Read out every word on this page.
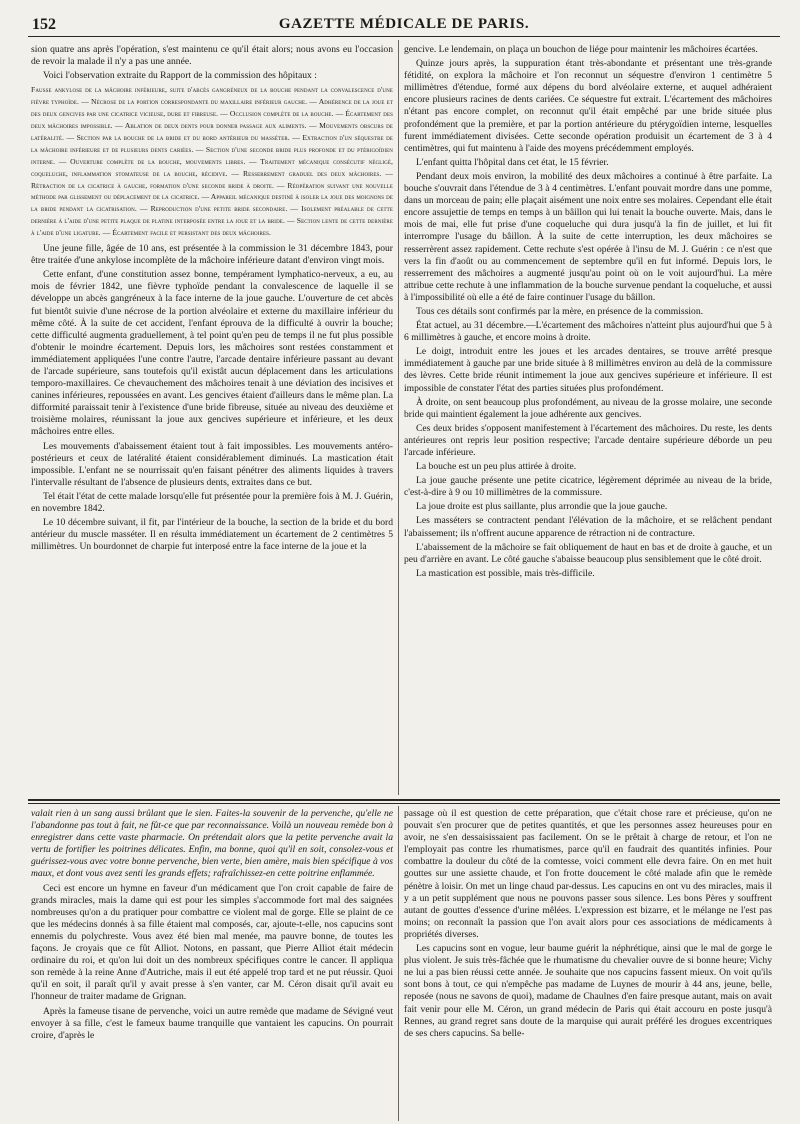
152	GAZETTE MÉDICALE DE PARIS.

sion quatre ans après l'opération, s'est maintenu ce qu'il était alors; nous avons eu l'occasion de revoir la malade il n'y a pas une année.

Voici l'observation extraite du Rapport de la commission des hôpitaux :

Fausse ankylose de la mâchoire inférieure, suite d'abcès gangréneux de la bouche pendant la convalescence d'une fièvre typhoïde. — Nécrose de la portion correspondante du maxillaire inférieur gauche. — Adhérence de la joue et des deux gencives par une cicatrice vicieuse, dure et fibreuse. — Occlusion complète de la bouche. — Écartement des deux mâchoires impossible. — Ablation de deux dents pour donner passage aux aliments. — Mouvements obscurs de latéralité. — Section par la bouche de la bride et du bord antérieur du masséter. — Extraction d'un séquestre de la mâchoire inférieure et de plusieurs dents cariées. — Section d'une seconde bride plus profonde et du ptérigoïdien interne. — Ouverture complète de la bouche, mouvements libres. — Traitement mécanique consécutif négligé, coqueluche, inflammation stomateuse de la bouche, récidive. — Resserrement graduel des deux mâchoires. — Rétraction de la cicatrice à gauche, formation d'une seconde bride à droite. — Réopération suivant une nouvelle méthode par glissement ou déplacement de la cicatrice. — Appareil mécanique destiné à isoler la joue des moignons de la bride pendant la cicatrisation. — Reproduction d'une petite bride secondaire. — Isolement préalable de cette dernière à l'aide d'une petite plaque de platine interposée entre la joue et la bride. — Section lente de cette dernière à l'aide d'une ligature. — Écartement facile et persistant des deux mâchoires.

Une jeune fille, âgée de 10 ans, est présentée à la commission le 31 décembre 1843, pour être traitée d'une ankylose incomplète de la mâchoire inférieure datant d'environ vingt mois.

Cette enfant, d'une constitution assez bonne, tempérament lymphatico-nerveux, a eu, au mois de février 1842, une fièvre typhoïde pendant la convalescence de laquelle il se développe un abcès gangréneux à la face interne de la joue gauche. L'ouverture de cet abcès fut bientôt suivie d'une nécrose de la portion alvéolaire et externe du maxillaire inférieur du même côté. À la suite de cet accident, l'enfant éprouva de la difficulté à ouvrir la bouche; cette difficulté augmenta graduellement, à tel point qu'en peu de temps il ne fut plus possible d'obtenir le moindre écartement. Depuis lors, les mâchoires sont restées constamment et immédiatement appliquées l'une contre l'autre, l'arcade dentaire inférieure passant au devant de l'arcade supérieure, sans toutefois qu'il existât aucun déplacement dans les articulations temporo-maxillaires. Ce chevauchement des mâchoires tenait à une déviation des incisives et canines inférieures, repoussées en avant. Les gencives étaient d'ailleurs dans le même plan. La difformité paraissait tenir à l'existence d'une bride fibreuse, située au niveau des deuxième et troisième molaires, réunissant la joue aux gencives supérieure et inférieure, et les deux mâchoires entre elles.

Les mouvements d'abaissement étaient tout à fait impossibles. Les mouvements antéro-postérieurs et ceux de latéralité étaient considérablement diminués. La mastication était impossible. L'enfant ne se nourrissait qu'en faisant pénétrer des aliments liquides à travers l'intervalle résultant de l'absence de plusieurs dents, extraites dans ce but.

Tel était l'état de cette malade lorsqu'elle fut présentée pour la première fois à M. J. Guérin, en novembre 1842.

Le 10 décembre suivant, il fit, par l'intérieur de la bouche, la section de la bride et du bord antérieur du muscle masséter. Il en résulta immédiatement un écartement de 2 centimètres 5 millimètres. Un bourdonnet de charpie fut interposé entre la face interne de la joue et la

gencive. Le lendemain, on plaça un bouchon de liége pour maintenir les mâchoires écartées.

Quinze jours après, la suppuration étant très-abondante et présentant une très-grande fétidité, on explora la mâchoire et l'on reconnut un séquestre d'environ 1 centimètre 5 millimètres d'étendue, formé aux dépens du bord alvéolaire externe, et auquel adhéraient encore plusieurs racines de dents cariées. Ce séquestre fut extrait. L'écartement des mâchoires n'étant pas encore complet, on reconnut qu'il était empêché par une bride située plus profondément que la première, et par la portion antérieure du ptérygoïdien interne, lesquelles furent immédiatement divisées. Cette seconde opération produisit un écartement de 3 à 4 centimètres, qui fut maintenu à l'aide des moyens précédemment employés.

L'enfant quitta l'hôpital dans cet état, le 15 février.

Pendant deux mois environ, la mobilité des deux mâchoires a continué à être parfaite. La bouche s'ouvrait dans l'étendue de 3 à 4 centimètres. L'enfant pouvait mordre dans une pomme, dans un morceau de pain; elle plaçait aisément une noix entre ses molaires. Cependant elle était encore assujettie de temps en temps à un bâillon qui lui tenait la bouche ouverte. Mais, dans le mois de mai, elle fut prise d'une coqueluche qui dura jusqu'à la fin de juillet, et lui fit interrompre l'usage du bâillon. À la suite de cette interruption, les deux mâchoires se resserrèrent assez rapidement. Cette rechute s'est opérée à l'insu de M. J. Guérin : ce n'est que vers la fin d'août ou au commencement de septembre qu'il en fut informé. Depuis lors, le resserrement des mâchoires a augmenté jusqu'au point où on le voit aujourd'hui. La mère attribue cette rechute à une inflammation de la bouche survenue pendant la coqueluche, et aussi à l'impossibilité où elle a été de faire continuer l'usage du bâillon.

Tous ces détails sont confirmés par la mère, en présence de la commission.

État actuel, au 31 décembre.—L'écartement des mâchoires n'atteint plus aujourd'hui que 5 à 6 millimètres à gauche, et encore moins à droite.

Le doigt, introduit entre les joues et les arcades dentaires, se trouve arrêté presque immédiatement à gauche par une bride située à 8 millimètres environ au delà de la commissure des lèvres. Cette bride réunit intimement la joue aux gencives supérieure et inférieure. Il est impossible de constater l'état des parties situées plus profondément.

À droite, on sent beaucoup plus profondément, au niveau de la grosse molaire, une seconde bride qui maintient également la joue adhérente aux gencives.

Ces deux brides s'opposent manifestement à l'écartement des mâchoires. Du reste, les dents antérieures ont repris leur position respective; l'arcade dentaire supérieure déborde un peu l'arcade inférieure.

La bouche est un peu plus attirée à droite.

La joue gauche présente une petite cicatrice, légèrement déprimée au niveau de la bride, c'est-à-dire à 9 ou 10 millimètres de la commissure.

La joue droite est plus saillante, plus arrondie que la joue gauche.

Les masséters se contractent pendant l'élévation de la mâchoire, et se relâchent pendant l'abaissement; ils n'offrent aucune apparence de rétraction ni de contracture.

L'abaissement de la mâchoire se fait obliquement de haut en bas et de droite à gauche, et un peu d'arrière en avant. Le côté gauche s'abaisse beaucoup plus sensiblement que le côté droit.

La mastication est possible, mais très-difficile.

valait rien à un sang aussi brûlant que le sien. Faites-la souvenir de la pervenche, qu'elle ne l'abandonne pas tout à fait, ne fût-ce que par reconnaissance. Voilà un nouveau remède bon à enregistrer dans cette vaste pharmacie. On prétendait alors que la petite pervenche avait la vertu de fortifier les poitrines délicates. Enfin, ma bonne, quoi qu'il en soit, consolez-vous et guérissez-vous avec votre bonne pervenche, bien verte, bien amère, mais bien spécifique à vos maux, et dont vous avez senti les grands effets; rafraîchissez-en cette poitrine enflammée.

Ceci est encore un hymne en faveur d'un médicament que l'on croit capable de faire de grands miracles, mais la dame qui est pour les simples s'accommode fort mal des saignées nombreuses qu'on a du pratiquer pour combattre ce violent mal de gorge. Elle se plaint de ce que les médecins donnés à sa fille étaient mal composés, car, ajoute-t-elle, nos capucins sont ennemis du polychreste. Vous avez été bien mal menée, ma pauvre bonne, de toutes les façons. Je croyais que ce fût Alliot. Notons, en passant, que Pierre Alliot était médecin ordinaire du roi, et qu'on lui doit un des nombreux spécifiques contre le cancer. Il appliqua son remède à la reine Anne d'Autriche, mais il eut été appelé trop tard et ne put réussir. Quoi qu'il en soit, il paraît qu'il y avait presse à s'en vanter, car M. Céron disait qu'il avait eu l'honneur de traiter madame de Grignan.

Après la fameuse tisane de pervenche, voici un autre remède que madame de Sévigné veut envoyer à sa fille, c'est le fameux baume tranquille que vantaient les capucins. On pourrait croire, d'après le

passage où il est question de cette préparation, que c'était chose rare et précieuse, qu'on ne pouvait s'en procurer que de petites quantités, et que les personnes assez heureuses pour en avoir, ne s'en dessaisissaient pas facilement. On se le prêtait à charge de retour, et l'on ne l'employait pas contre les rhumatismes, parce qu'il en faudrait des quantités infinies. Pour combattre la douleur du côté de la comtesse, voici comment elle devra faire. On en met huit gouttes sur une assiette chaude, et l'on frotte doucement le côté malade afin que le remède pénètre à loisir. On met un linge chaud par-dessus. Les capucins en ont vu des miracles, mais il y a un petit supplément que nous ne pouvons passer sous silence. Les bons Pères y souffrent autant de gouttes d'essence d'urine mêlées. L'expression est bizarre, et le mélange ne l'est pas moins; on reconnaît la passion que l'on avait alors pour ces associations de médicaments à propriétés diverses.

Les capucins sont en vogue, leur baume guérit la néphrétique, ainsi que le mal de gorge le plus violent. Je suis très-fâchée que le rhumatisme du chevalier ouvre de si bonne heure; Vichy ne lui a pas bien réussi cette année. Je souhaite que nos capucins fassent mieux. On voit qu'ils sont bons à tout, ce qui n'empêche pas madame de Luynes de mourir à 44 ans, jeune, belle, reposée (nous ne savons de quoi), madame de Chaulnes d'en faire presque autant, mais on avait fait venir pour elle M. Céron, un grand médecin de Paris qui était accouru en poste jusqu'à Rennes, au grand regret sans doute de la marquise qui aurait préféré les drogues excentriques de ses chers capucins. Sa belle-
